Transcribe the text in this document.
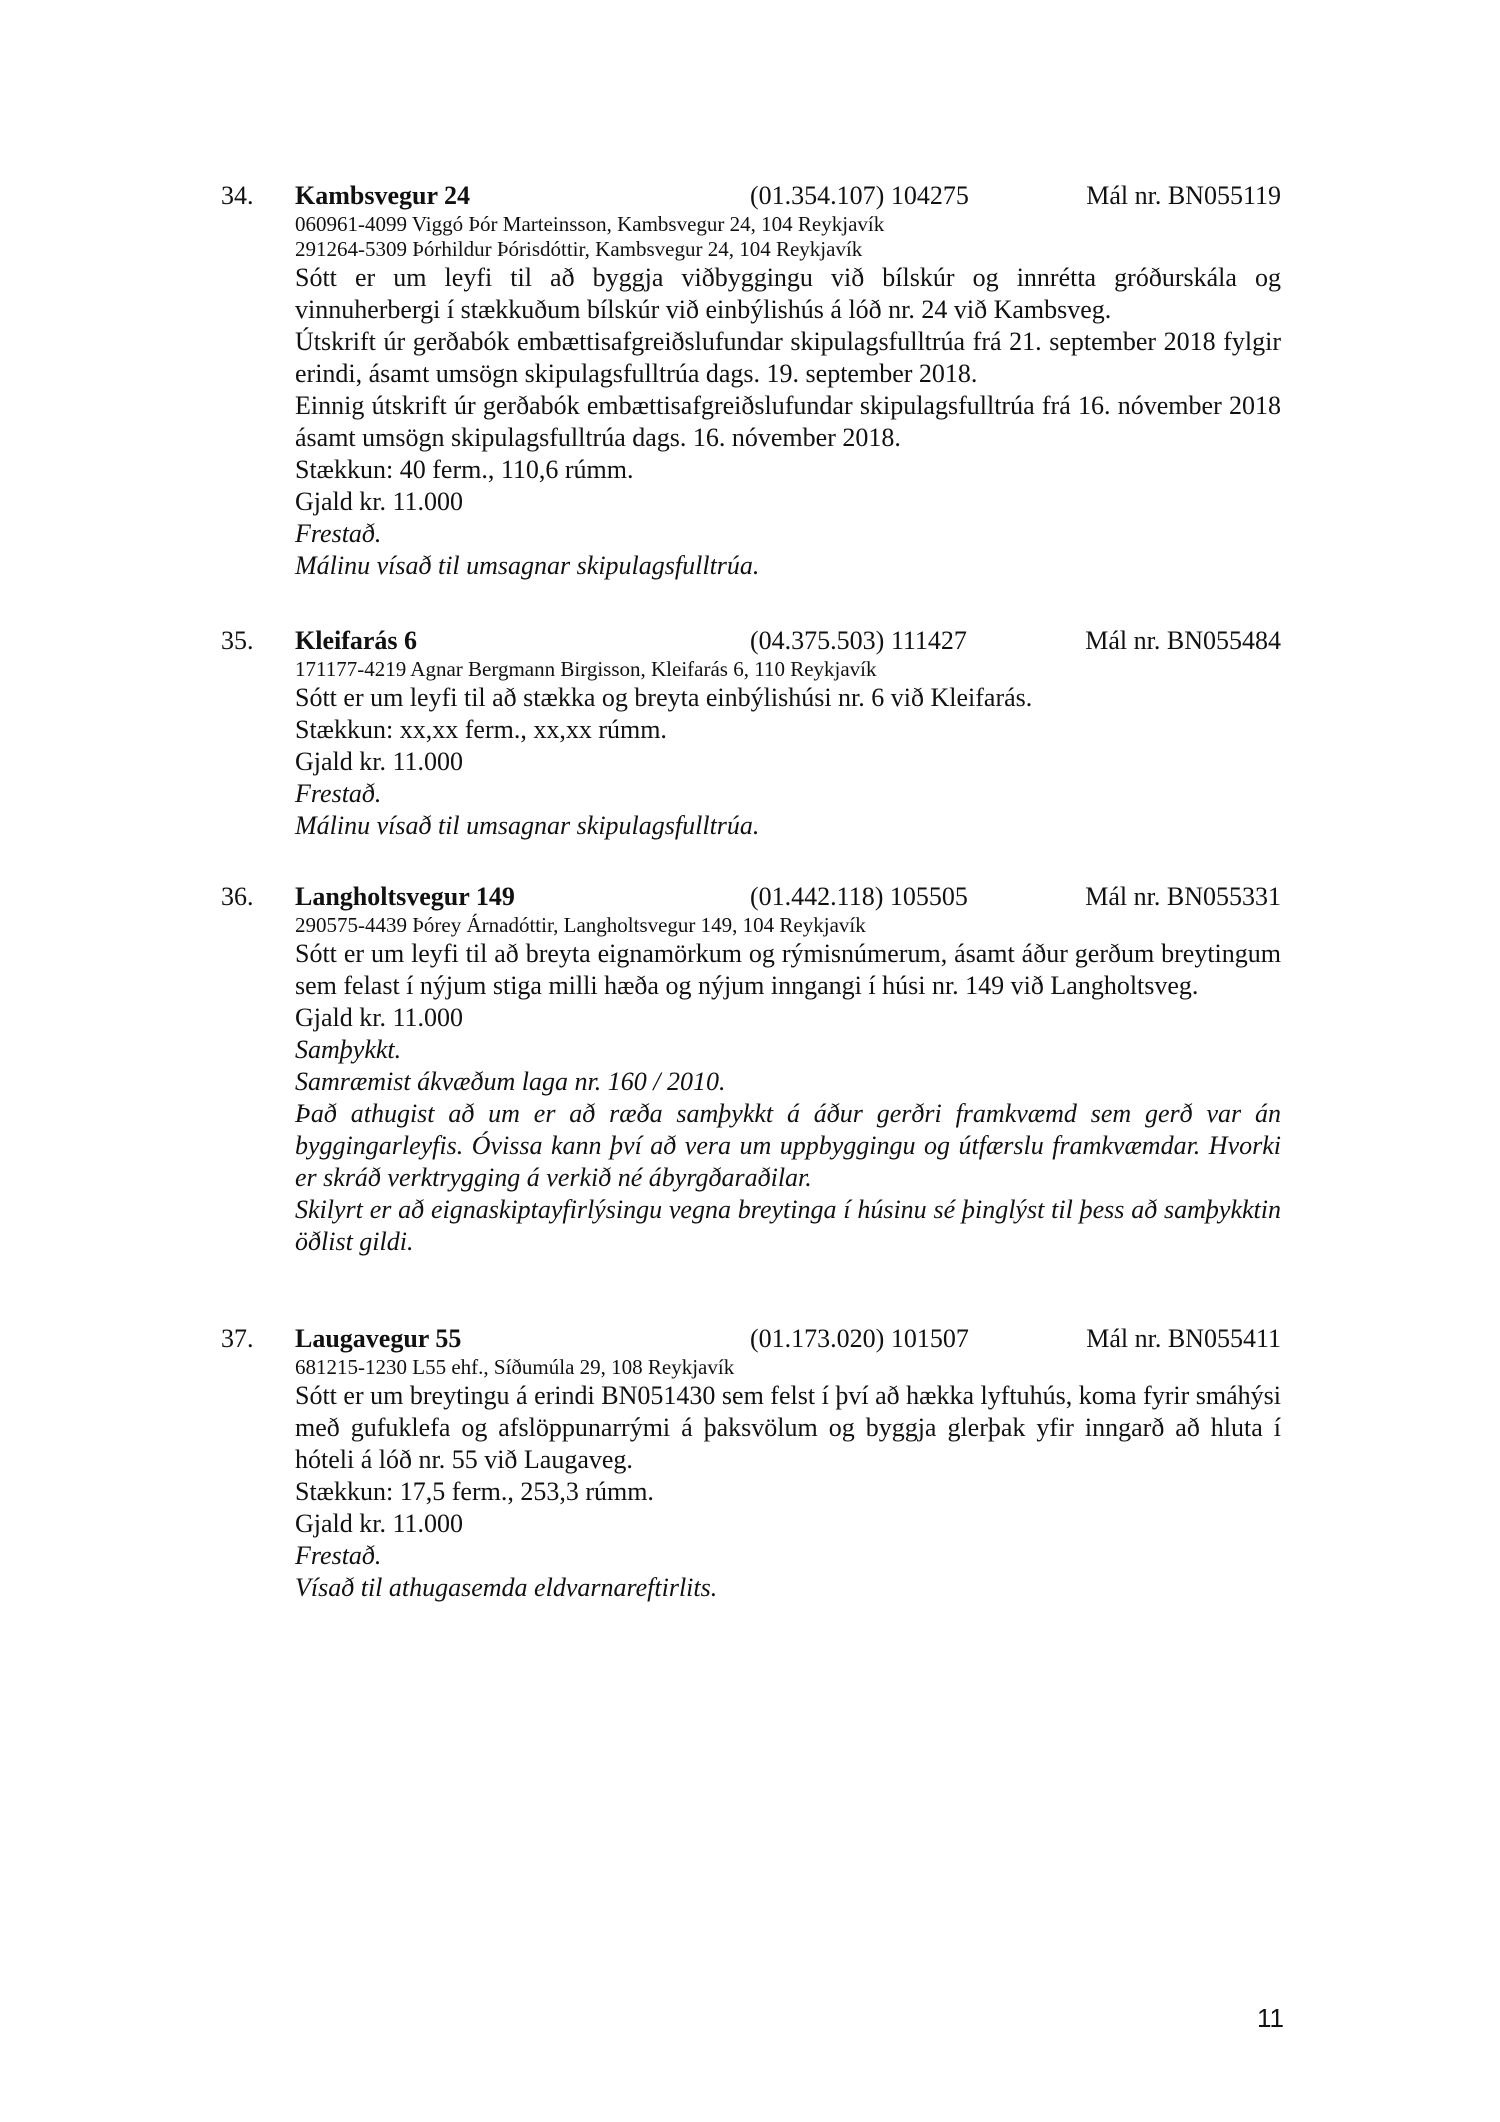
34. Kambsvegur 24	(01.354.107) 104275	Mál nr. BN055119
060961-4099 Viggó Þór Marteinsson, Kambsvegur 24, 104 Reykjavík
291264-5309 Þórhildur Þórisdóttir, Kambsvegur 24, 104 Reykjavík
Sótt er um leyfi til að byggja viðbyggingu við bílskúr og innrétta gróðurskála og vinnuherbergi í stækkuðum bílskúr við einbýlishús á lóð nr. 24 við Kambsveg.
Útskrift úr gerðabók embættisafgreiðslufundar skipulagsfulltrúa frá 21. september 2018 fylgir erindi, ásamt umsögn skipulagsfulltrúa dags. 19. september 2018.
Einnig útskrift úr gerðabók embættisafgreiðslufundar skipulagsfulltrúa frá 16. nóvember 2018 ásamt umsögn skipulagsfulltrúa dags. 16. nóvember 2018.
Stækkun: 40 ferm., 110,6 rúmm.
Gjald kr. 11.000
Frestað.
Málinu vísað til umsagnar skipulagsfulltrúa.
35. Kleifarás 6	(04.375.503) 111427	Mál nr. BN055484
171177-4219 Agnar Bergmann Birgisson, Kleifarás 6, 110 Reykjavík
Sótt er um leyfi til að stækka og breyta einbýlishúsi nr. 6 við Kleifarás.
Stækkun: xx,xx ferm., xx,xx rúmm.
Gjald kr. 11.000
Frestað.
Málinu vísað til umsagnar skipulagsfulltrúa.
36. Langholtsvegur 149	(01.442.118) 105505	Mál nr. BN055331
290575-4439 Þórey Árnadóttir, Langholtsvegur 149, 104 Reykjavík
Sótt er um leyfi til að breyta eignamörkum og rýmisnúmerum, ásamt áður gerðum breytingum sem felast í nýjum stiga milli hæða og nýjum inngangi í húsi nr. 149 við Langholtsveg.
Gjald kr. 11.000
Samþykkt.
Samræmist ákvæðum laga nr. 160 / 2010.
Það athugist að um er að ræða samþykkt á áður gerðri framkvæmd sem gerð var án byggingarleyfis. Óvissa kann því að vera um uppbyggingu og útfærslu framkvæmdar. Hvorki er skráð verktrygging á verkið né ábyrgðaraðilar.
Skilyrt er að eignaskiptayfirlýsingu vegna breytinga í húsinu sé þinglýst til þess að samþykktin öðlist gildi.
37. Laugavegur 55	(01.173.020) 101507	Mál nr. BN055411
681215-1230 L55 ehf., Síðumúla 29, 108 Reykjavík
Sótt er um breytingu á erindi BN051430 sem felst í því að hækka lyftuhús, koma fyrir smáhýsi með gufuklefa og afslöppunarrými á þaksvölum og byggja glerþak yfir inngarð að hluta í hóteli á lóð nr. 55 við Laugaveg.
Stækkun: 17,5 ferm., 253,3 rúmm.
Gjald kr. 11.000
Frestað.
Vísað til athugasemda eldvarnareftirlits.
11
